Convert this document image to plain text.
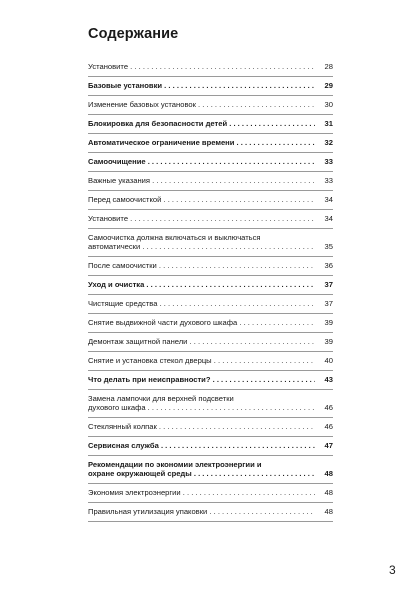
Содержание
Установите . . .	28
Базовые установки . . .	29
Изменение базовых установок . . .	30
Блокировка для безопасности детей . . .	31
Автоматическое ограничение времени . . .	32
Самоочищение . . .	33
Важные указания . . .	33
Перед самоочисткой . . .	34
Установите . . .	34
Самоочистка должна включаться и выключаться
автоматически . . .	35
После самоочистки . . .	36
Уход и очистка . . .	37
Чистящие средства . . .	37
Снятие выдвижной части духового шкафа . . .	39
Демонтаж защитной панели . . .	39
Снятие и установка стекол дверцы . . .	40
Что делать при неисправности? . . .	43
Замена лампочки для верхней подсветки
духового шкафа . . .	46
Стеклянный колпак . . .	46
Сервисная служба . . .	47
Рекомендации по экономии электроэнергии и
охране окружающей среды . . .	48
Экономия электроэнергии . . .	48
Правильная утилизация упаковки . . .	48
3
